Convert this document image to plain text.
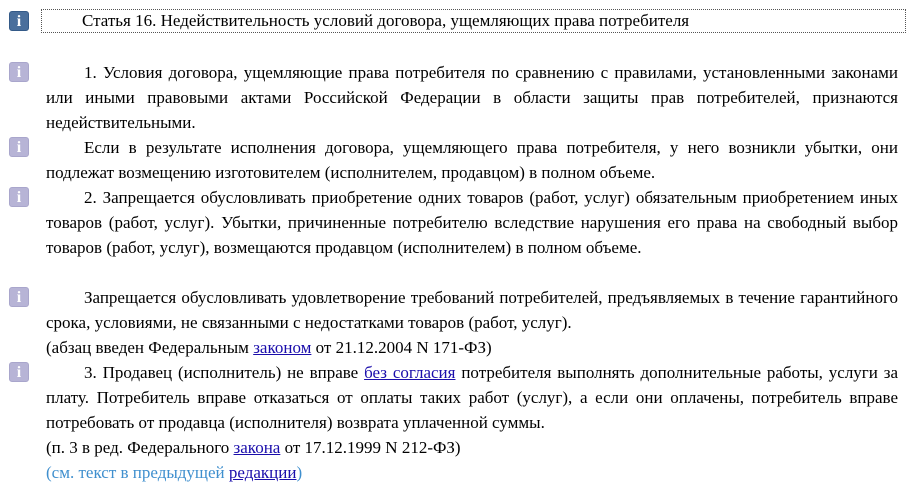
i	Статья 16. Недействительность условий договора, ущемляющих права потребителя
i	1. Условия договора, ущемляющие права потребителя по сравнению с правилами, установленными законами или иными правовыми актами Российской Федерации в области защиты прав потребителей, признаются недействительными.
i	Если в результате исполнения договора, ущемляющего права потребителя, у него возникли убытки, они подлежат возмещению изготовителем (исполнителем, продавцом) в полном объеме.
i	2. Запрещается обусловливать приобретение одних товаров (работ, услуг) обязательным приобретением иных товаров (работ, услуг). Убытки, причиненные потребителю вследствие нарушения его права на свободный выбор товаров (работ, услуг), возмещаются продавцом (исполнителем) в полном объеме.
i	Запрещается обусловливать удовлетворение требований потребителей, предъявляемых в течение гарантийного срока, условиями, не связанными с недостатками товаров (работ, услуг).
(абзац введен Федеральным законом от 21.12.2004 N 171-ФЗ)
i	3. Продавец (исполнитель) не вправе без согласия потребителя выполнять дополнительные работы, услуги за плату. Потребитель вправе отказаться от оплаты таких работ (услуг), а если они оплачены, потребитель вправе потребовать от продавца (исполнителя) возврата уплаченной суммы.
(п. 3 в ред. Федерального закона от 17.12.1999 N 212-ФЗ)
(см. текст в предыдущей редакции)
